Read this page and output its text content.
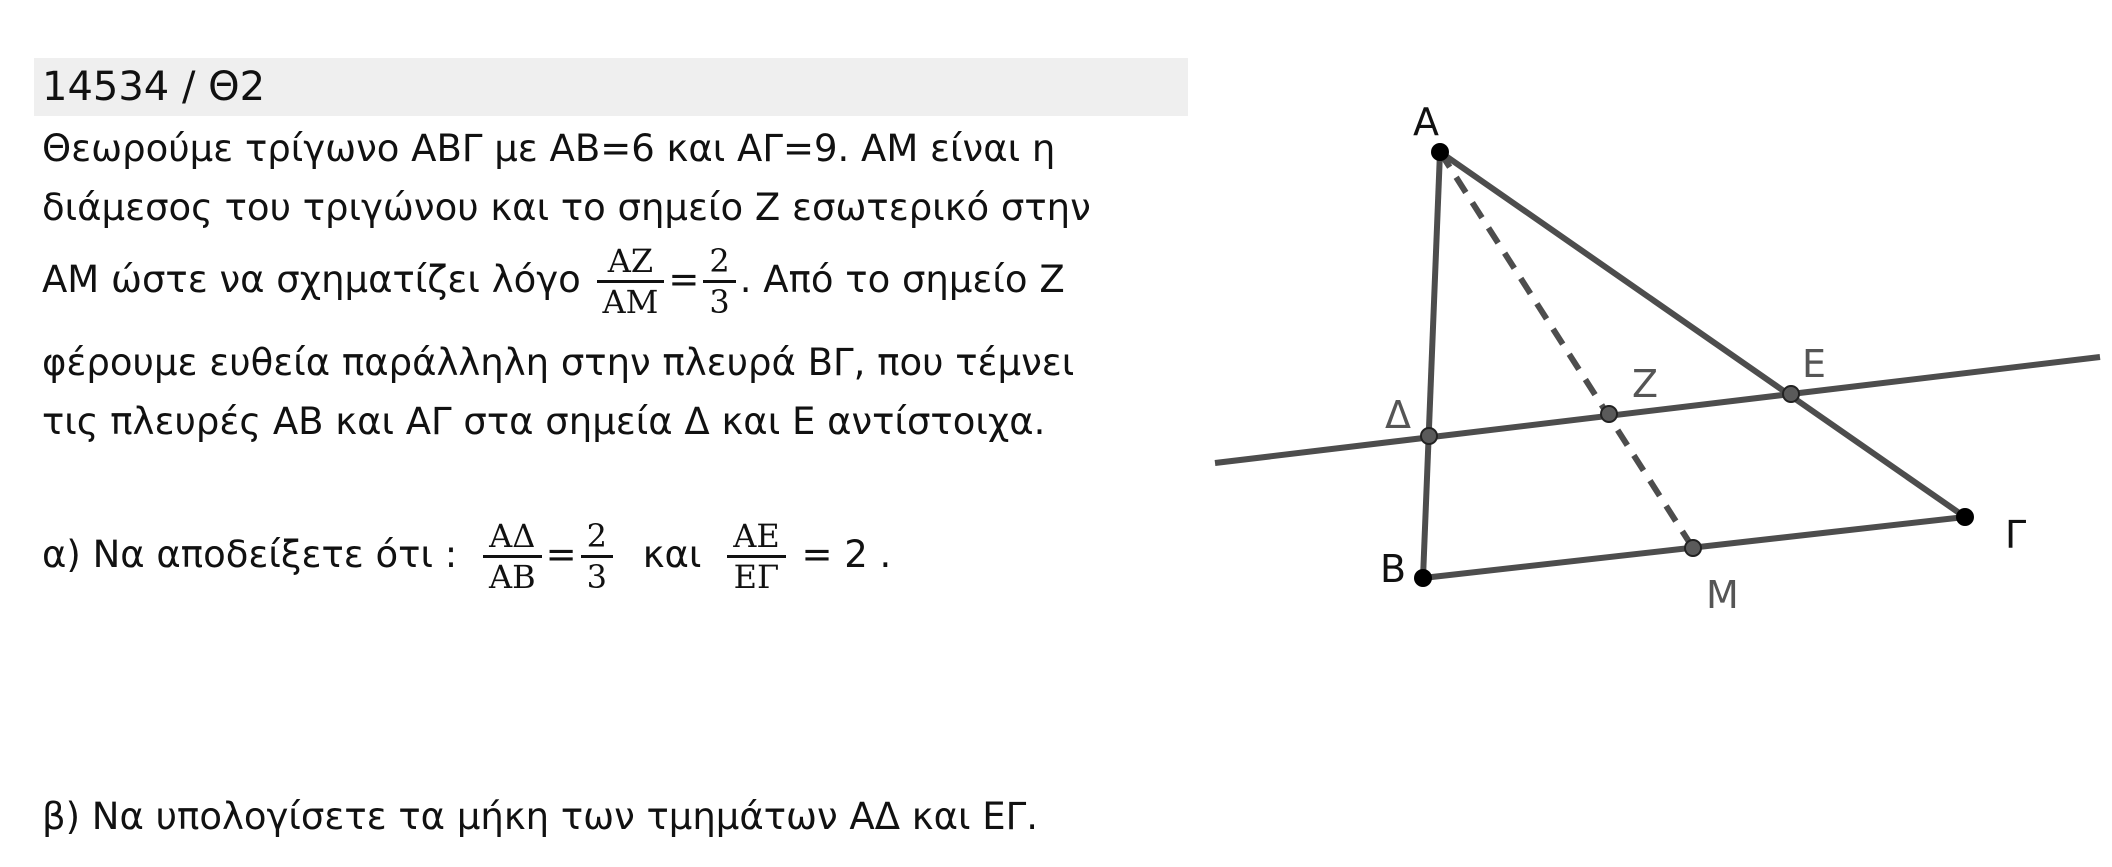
14534 / Θ2
Θεωρούμε τρίγωνο ΑΒΓ με ΑΒ=6 και ΑΓ=9. ΑΜ είναι η
διάμεσος του τριγώνου και το σημείο Ζ εσωτερικό στην
ΑΜ ώστε να σχηματίζει λόγο $\frac{AZ}{AM} = \frac{2}{3}$ . Από το σημείο Ζ
φέρουμε ευθεία παράλληλη στην πλευρά ΒΓ, που τέμνει
τις πλευρές ΑΒ και ΑΓ στα σημεία Δ και Ε αντίστοιχα.
α) Να αποδείξετε ότι : $\frac{A\Delta}{AB} = \frac{2}{3}$ και $\frac{AE}{E\Gamma} = 2$ .
β) Να υπολογίσετε τα μήκη των τμημάτων ΑΔ και ΕΓ.
Α
Β
Γ
Δ
Ζ	Ε
Μ
